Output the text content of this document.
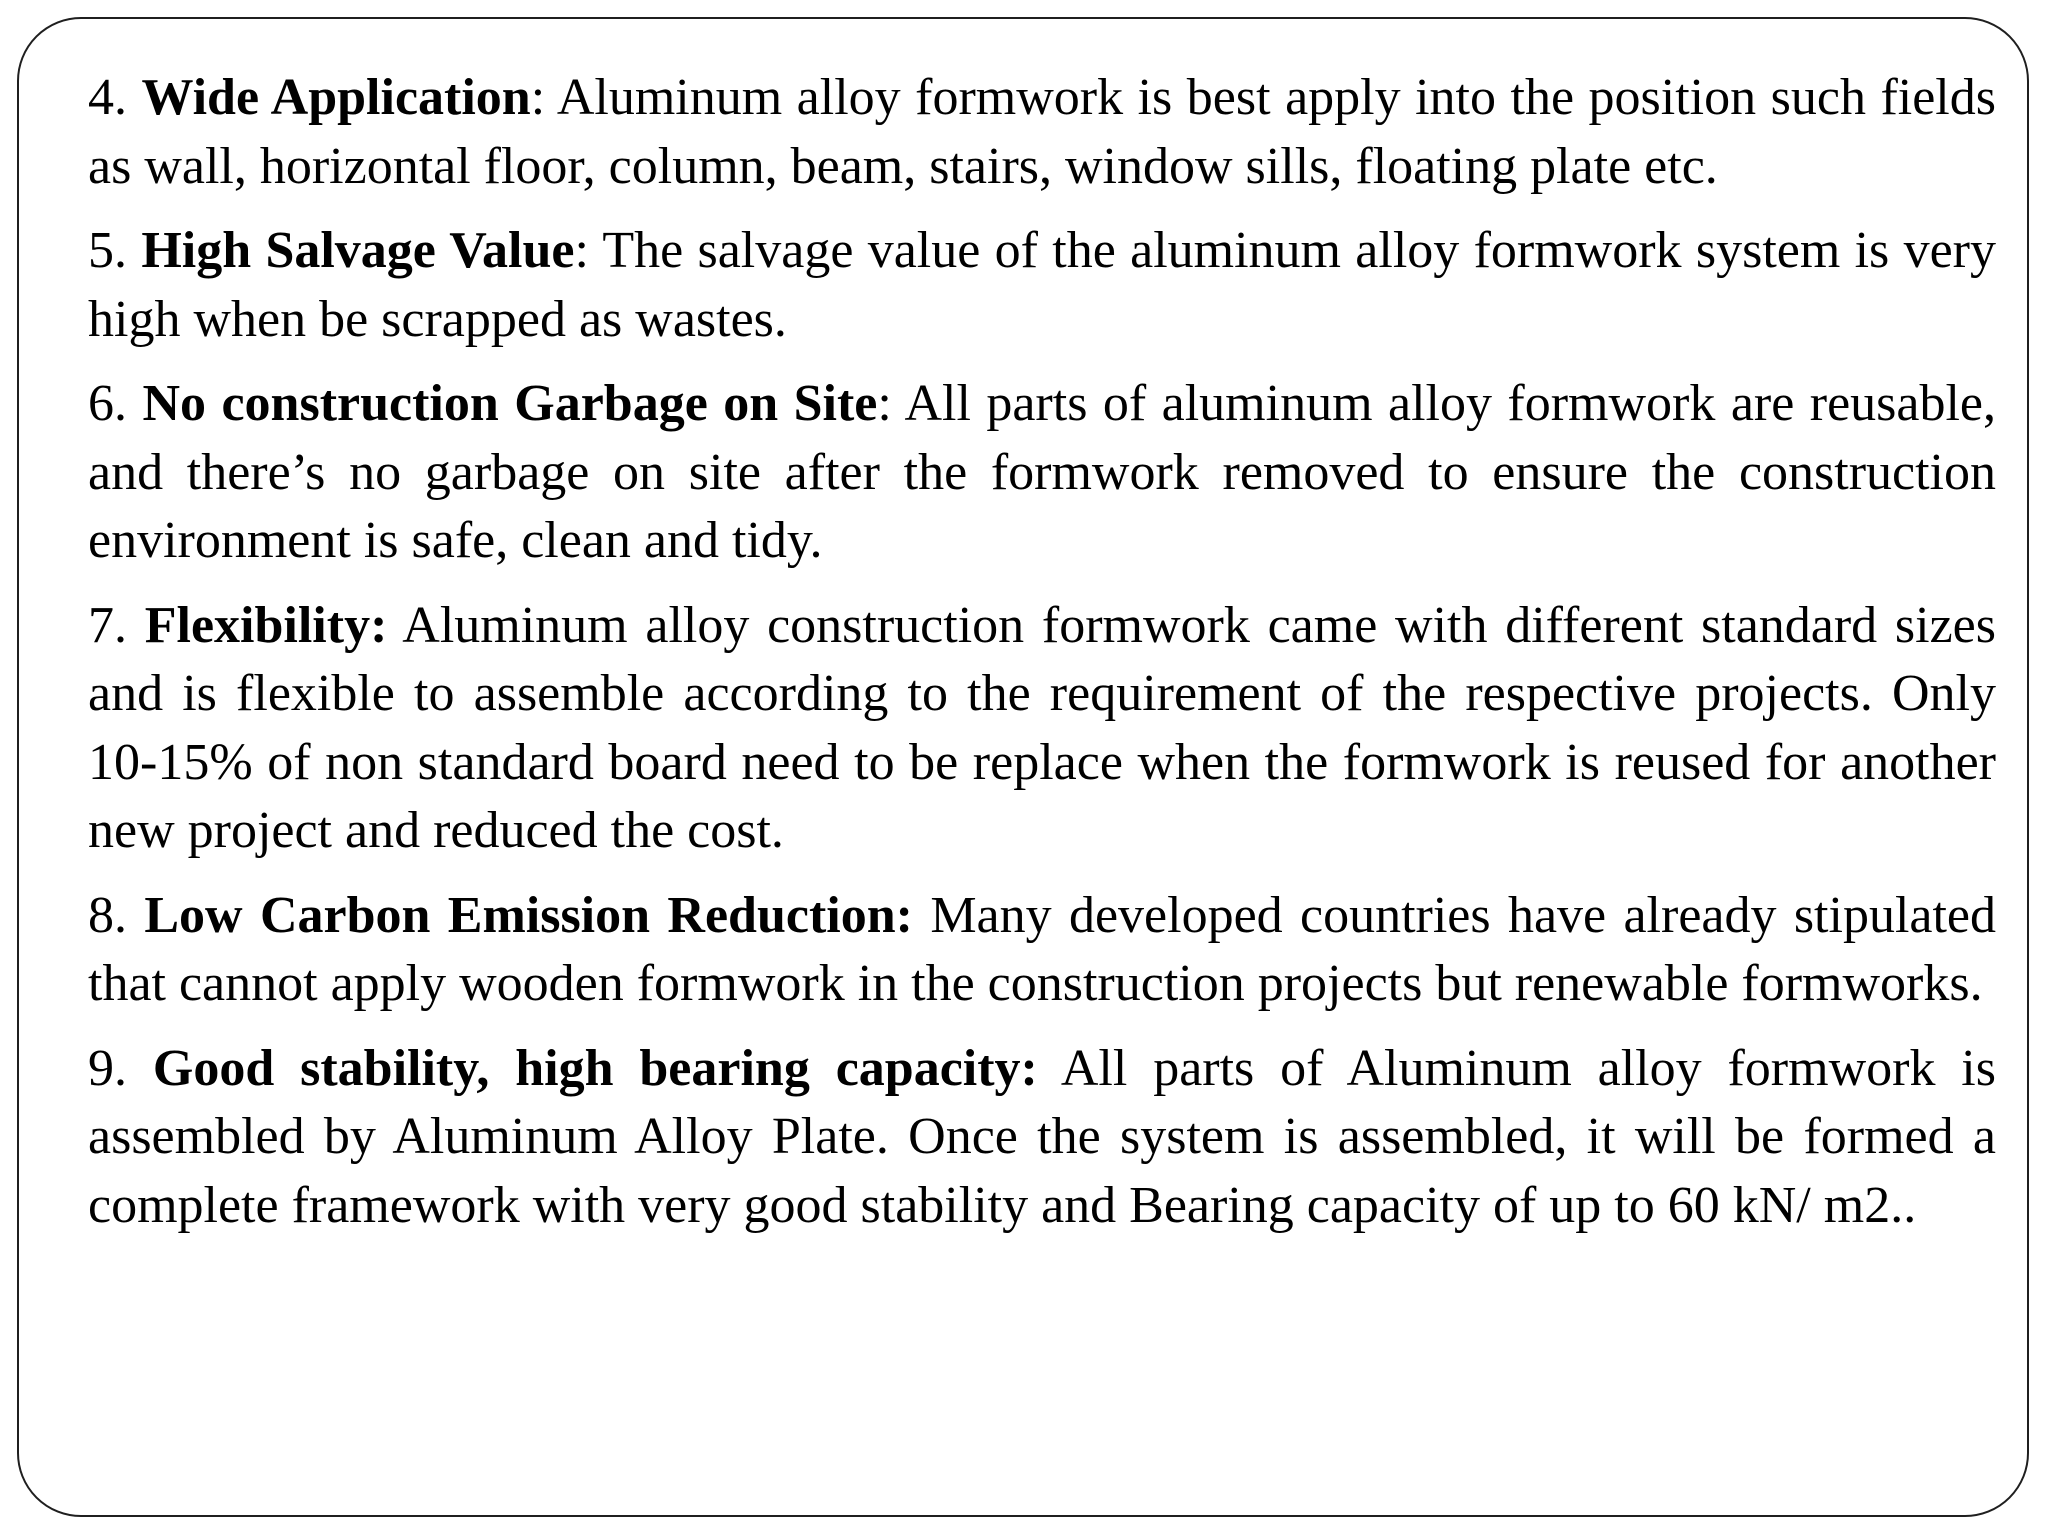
4. Wide Application: Aluminum alloy formwork is best apply into the position such fields as wall, horizontal floor, column, beam, stairs, window sills, floating plate etc.

5. High Salvage Value: The salvage value of the aluminum alloy formwork system is very high when be scrapped as wastes.

6. No construction Garbage on Site: All parts of aluminum alloy formwork are reusable, and there’s no garbage on site after the formwork removed to ensure the construction environment is safe, clean and tidy.

7. Flexibility: Aluminum alloy construction formwork came with different standard sizes and is flexible to assemble according to the requirement of the respective projects. Only 10-15% of non standard board need to be replace when the formwork is reused for another new project and reduced the cost.

8. Low Carbon Emission Reduction: Many developed countries have already stipulated that cannot apply wooden formwork in the construction projects but renewable formworks.

9. Good stability, high bearing capacity: All parts of Aluminum alloy formwork is assembled by Aluminum Alloy Plate. Once the system is assembled, it will be formed a complete framework with very good stability and Bearing capacity of up to 60 kN/ m2..
